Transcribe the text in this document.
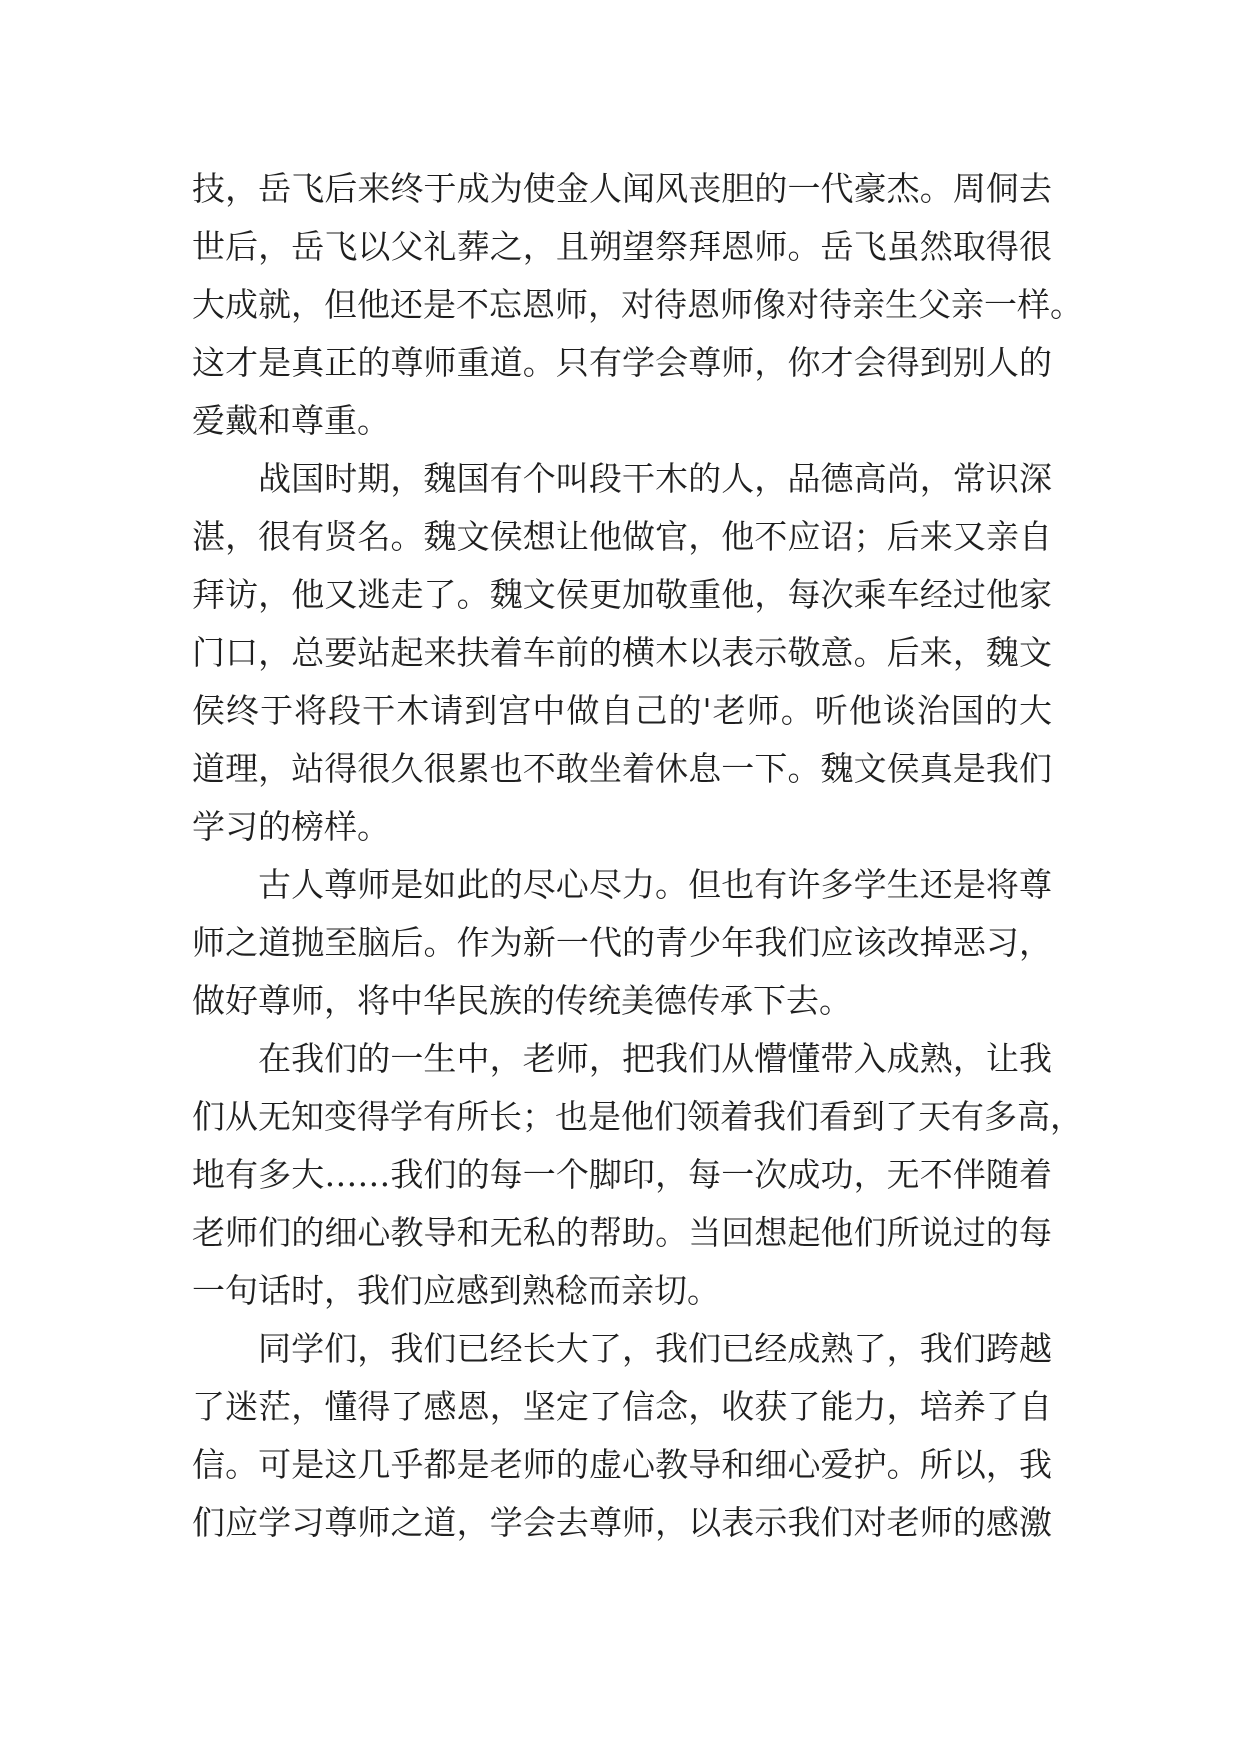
技，岳飞后来终于成为使金人闻风丧胆的一代豪杰。周侗去
世后，岳飞以父礼葬之，且朔望祭拜恩师。岳飞虽然取得很
大成就，但他还是不忘恩师，对待恩师像对待亲生父亲一样。
这才是真正的尊师重道。只有学会尊师，你才会得到别人的
爱戴和尊重。
战国时期，魏国有个叫段干木的人，品德高尚，常识深
湛，很有贤名。魏文侯想让他做官，他不应诏；后来又亲自
拜访，他又逃走了。魏文侯更加敬重他，每次乘车经过他家
门口，总要站起来扶着车前的横木以表示敬意。后来，魏文
侯终于将段干木请到宫中做自己的'老师。听他谈治国的大
道理，站得很久很累也不敢坐着休息一下。魏文侯真是我们
学习的榜样。
古人尊师是如此的尽心尽力。但也有许多学生还是将尊
师之道抛至脑后。作为新一代的青少年我们应该改掉恶习，
做好尊师，将中华民族的传统美德传承下去。
在我们的一生中，老师，把我们从懵懂带入成熟，让我
们从无知变得学有所长；也是他们领着我们看到了天有多高，
地有多大……我们的每一个脚印，每一次成功，无不伴随着
老师们的细心教导和无私的帮助。当回想起他们所说过的每
一句话时，我们应感到熟稔而亲切。
同学们，我们已经长大了，我们已经成熟了，我们跨越
了迷茫，懂得了感恩，坚定了信念，收获了能力，培养了自
信。可是这几乎都是老师的虚心教导和细心爱护。所以，我
们应学习尊师之道，学会去尊师，以表示我们对老师的感激
